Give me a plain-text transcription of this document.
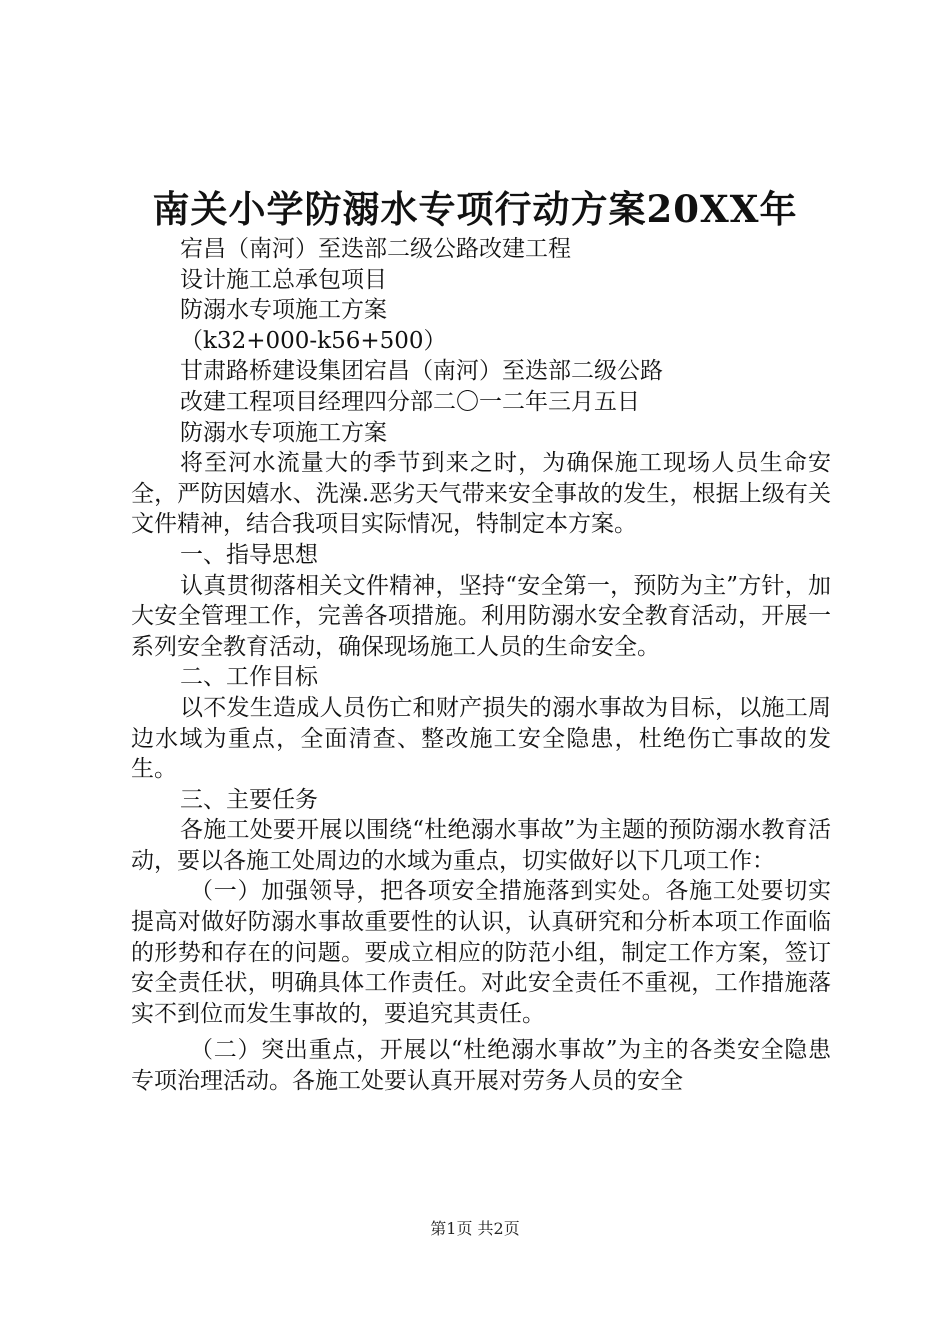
南关小学防溺水专项行动方案20XX年

宕昌（南河）至迭部二级公路改建工程

设计施工总承包项目

防溺水专项施工方案

（k32+000-k56+500）

甘肃路桥建设集团宕昌（南河）至迭部二级公路

改建工程项目经理四分部二〇一二年三月五日

防溺水专项施工方案

将至河水流量大的季节到来之时，为确保施工现场人员生命安全，严防因嬉水、洗澡.恶劣天气带来安全事故的发生，根据上级有关文件精神，结合我项目实际情况，特制定本方案。

一、指导思想

认真贯彻落相关文件精神，坚持“安全第一，预防为主”方针，加大安全管理工作，完善各项措施。利用防溺水安全教育活动，开展一系列安全教育活动，确保现场施工人员的生命安全。

二、工作目标

以不发生造成人员伤亡和财产损失的溺水事故为目标，以施工周边水域为重点，全面清查、整改施工安全隐患，杜绝伤亡事故的发生。

三、主要任务

各施工处要开展以围绕“杜绝溺水事故”为主题的预防溺水教育活动，要以各施工处周边的水域为重点，切实做好以下几项工作：

（一）加强领导，把各项安全措施落到实处。各施工处要切实提高对做好防溺水事故重要性的认识，认真研究和分析本项工作面临的形势和存在的问题。要成立相应的防范小组，制定工作方案，签订安全责任状，明确具体工作责任。对此安全责任不重视，工作措施落实不到位而发生事故的，要追究其责任。

（二）突出重点，开展以“杜绝溺水事故”为主的各类安全隐患专项治理活动。各施工处要认真开展对劳务人员的安全

第1页 共2页
